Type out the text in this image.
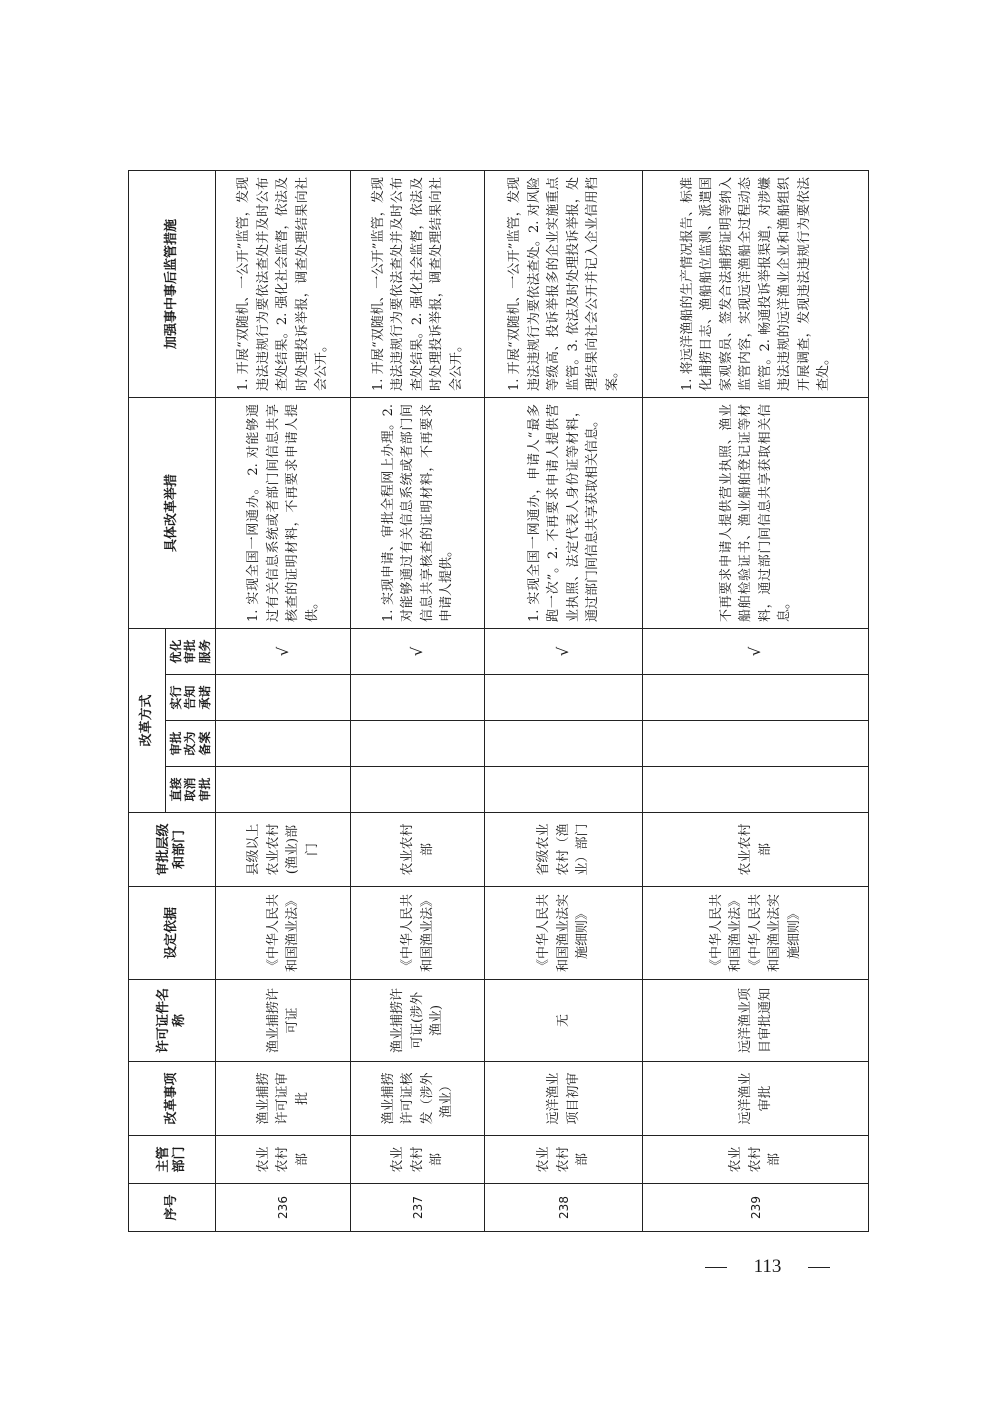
序号	主管部门	改革事项	许可证件名称	设定依据	审批层级和部门	改革方式				具体改革举措	加强事中事后监管措施
						直接取消审批	审批改为备案	实行告知承诺	优化审批服务		
236	农业农村部	渔业捕捞许可证审批	渔业捕捞许可证	《中华人民共和国渔业法》	县级以上农业农村(渔业)部门				√	1. 实现全国一网通办。 2. 对能够通过有关信息系统或者部门间信息共享核查的证明材料，不再要求申请人提供。	1. 开展“双随机、一公开”监管，发现违法违规行为要依法查处并及时公布查处结果。2. 强化社会监督，依法及时处理投诉举报，调查处理结果向社会公开。
237	农业农村部	渔业捕捞许可证核发（涉外渔业）	渔业捕捞许可证(涉外渔业)	《中华人民共和国渔业法》	农业农村部				√	1. 实现申请、审批全程网上办理。2. 对能够通过有关信息系统或者部门间信息共享核查的证明材料，不再要求申请人提供。	1. 开展“双随机、一公开”监管，发现违法违规行为要依法查处并及时公布查处结果。2. 强化社会监督，依法及时处理投诉举报，调查处理结果向社会公开。
238	农业农村部	远洋渔业项目初审	无	《中华人民共和国渔业法实施细则》	省级农业农村（渔业）部门				√	1. 实现全国一网通办，申请人“最多跑一次”。2. 不再要求申请人提供营业执照、法定代表人身份证等材料，通过部门间信息共享获取相关信息。	1. 开展“双随机、一公开”监管，发现违法违规行为要依法查处。2. 对风险等级高、投诉举报多的企业实施重点监管。3. 依法及时处理投诉举报，处理结果向社会公开并记入企业信用档案。
239	农业农村部	远洋渔业审批	远洋渔业项目审批通知	《中华人民共和国渔业法》《中华人民共和国渔业法实施细则》	农业农村部				√	不再要求申请人提供营业执照、渔业船舶检验证书、渔业船舶登记证等材料，通过部门间信息共享获取相关信息。	1. 将远洋渔船的生产情况报告、标准化捕捞日志、渔船船位监测、派遣国家观察员、签发合法捕捞证明等纳入监管内容，实现远洋渔船全过程动态监管。2. 畅通投诉举报渠道，对涉嫌违法违规的远洋渔业企业和渔船组织开展调查，发现违法违规行为要依法查处。
113
